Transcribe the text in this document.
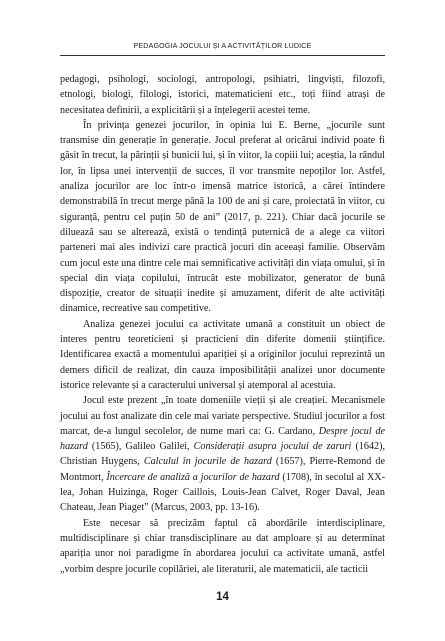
PEDAGOGIA JOCULUI ȘI A ACTIVITĂȚILOR LUDICE

pedagogi, psihologi, sociologi, antropologi, psihiatri, lingviști, filozofi, etnologi, biologi, filologi, istorici, matematicieni etc., toți fiind atrași de necesitatea definirii, a explicitării și a înțelegerii acestei teme.

În privința genezei jocurilor, în opinia lui E. Berne, „jocurile sunt transmise din generație în generație. Jocul preferat al oricărui individ poate fi găsit în trecut, la părinții și bunicii lui, și în viitor, la copiii lui; aceștia, la rândul lor, în lipsa unei intervenții de succes, îl vor transmite nepoților lor. Astfel, analiza jocurilor are loc într-o imensă matrice istorică, a cărei întindere demonstrabilă în trecut merge până la 100 de ani și care, proiectată în viitor, cu siguranță, pentru cel puțin 50 de ani” (2017, p. 221). Chiar dacă jocurile se diluează sau se alterează, există o tendință puternică de a alege ca viitori parteneri mai ales indivizi care practică jocuri din aceeași familie. Observăm cum jocul este una dintre cele mai semnificative activități din viața omului, și în special din viața copilului, întrucât este mobilizator, generator de bună dispoziție, creator de situații inedite și amuzament, diferit de alte activități dinamice, recreative sau competitive.

Analiza genezei jocului ca activitate umană a constituit un obiect de interes pentru teoreticieni și practicieni din diferite domenii științifice. Identificarea exactă a momentului apariției și a originilor jocului reprezintă un demers dificil de realizat, din cauza imposibilității analizei unor documente istorice relevante și a caracterului universal și atemporal al acestuia.

Jocul este prezent „în toate domeniile vieții și ale creației. Mecanismele jocului au fost analizate din cele mai variate perspective. Studiul jocurilor a fost marcat, de-a lungul secolelor, de nume mari ca: G. Cardano, Despre jocul de hazard (1565), Galileo Galilei, Considerații asupra jocului de zaruri (1642), Christian Huygens, Calculul în jocurile de hazard (1657), Pierre-Remond de Montmort, Încercare de analiză a jocurilor de hazard (1708), în secolul al XX-lea, Johan Huizinga, Roger Caillois, Louis-Jean Calvet, Roger Daval, Jean Chateau, Jean Piaget” (Marcus, 2003, pp. 13-16).

Este necesar să precizăm faptul că abordările interdisciplinare, multidisciplinare și chiar transdisciplinare au dat amploare și au determinat apariția unor noi paradigme în abordarea jocului ca activitate umană, astfel „vorbim despre jocurile copilăriei, ale literaturii, ale matematicii, ale tacticii

14
